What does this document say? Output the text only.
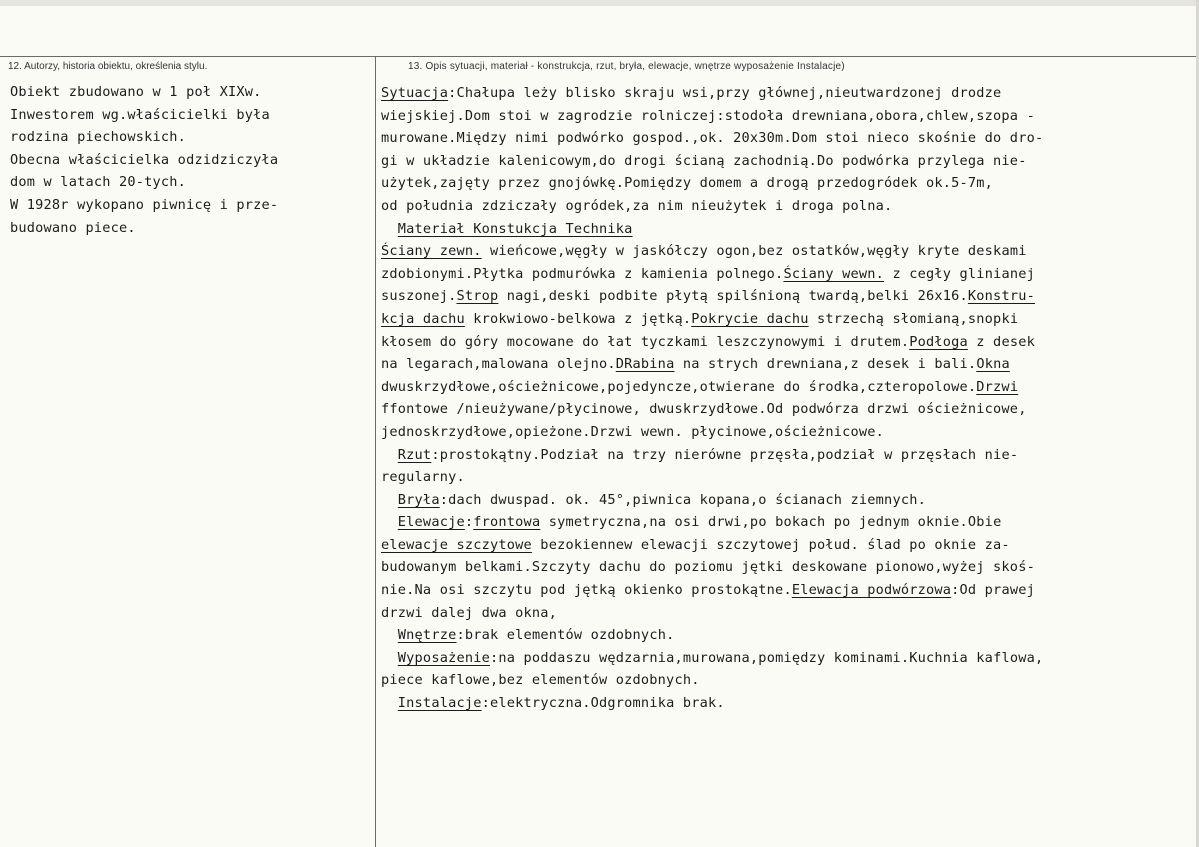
12. Autorzy, historia obiektu, określenia stylu.	13. Opis sytuacji, materiał - konstrukcja, rzut, bryła, elewacje, wnętrze wyposażenie Instalacje)
Obiekt zbudowano w 1 poł XIXw.
Inwestorem wg.właścicielki była
rodzina piechowskich.
Obecna właścicielka odzidziczyła
dom w latach 20-tych.
W 1928r wykopano piwnicę i prze-
budowano piece.
Sytuacja:Chałupa leży blisko skraju wsi,przy głównej,nieutwardzonej drodze
wiejskiej.Dom stoi w zagrodzie rolniczej:stodoła drewniana,obora,chlew,szopa -
murowane.Między nimi podwórko gospod.,ok. 20x30m.Dom stoi nieco skośnie do dro-
gi w układzie kalenicowym,do drogi ścianą zachodnią.Do podwórka przylega nie-
użytek,zajęty przez gnojówkę.Pomiędzy domem a drogą przedogródek ok.5-7m,
od południa zdziczały ogródek,za nim nieużytek i droga polna.
Materiał Konstukcja Technika
Ściany zewn. wieńcowe,węgły w jaskółczy ogon,bez ostatków,węgły kryte deskami
zdobionymi.Płytka podmurówka z kamienia polnego.Ściany wewn. z cegły glinianej
suszonej.Strop nagi,deski podbite płytą spilśnioną twardą,belki 26x16.Konstru-
kcja dachu krokwiowo-belkowa z jętką.Pokrycie dachu strzechą słomianą,snopki
kłosem do góry mocowane do łat tyczkami leszczynowymi i drutem.Podłoga z desek
na legarach,malowana olejno.DRabina na strych drewniana,z desek i bali.Okna
dwuskrzydłowe,ościeżnicowe,pojedyncze,otwierane do środka,czteropolowe.Drzwi
ffontowe /nieużywane/płycinowe, dwuskrzydłowe.Od podwórza drzwi ościeżnicowe,
jednoskrzydłowe,opieżone.Drzwi wewn. płycinowe,ościeżnicowe.
Rzut:prostokątny.Podział na trzy nierówne przęsła,podział w przęsłach nie-
regularny.
Bryła:dach dwuspad. ok. 45°,piwnica kopana,o ścianach ziemnych.
Elewacje:frontowa symetryczna,na osi drwi,po bokach po jednym oknie.Obie
elewacje szczytowe bezokiennew elewacji szczytowej połud. ślad po oknie za-
budowanym belkami.Szczyty dachu do poziomu jętki deskowane pionowo,wyżej skoś-
nie.Na osi szczytu pod jętką okienko prostokątne.Elewacja podwórzowa:Od prawej
drzwi dalej dwa okna,
Wnętrze:brak elementów ozdobnych.
Wyposażenie:na poddaszu wędzarnia,murowana,pomiędzy kominami.Kuchnia kaflowa,
piece kaflowe,bez elementów ozdobnych.
Instalacje:elektryczna.Odgromnika brak.
